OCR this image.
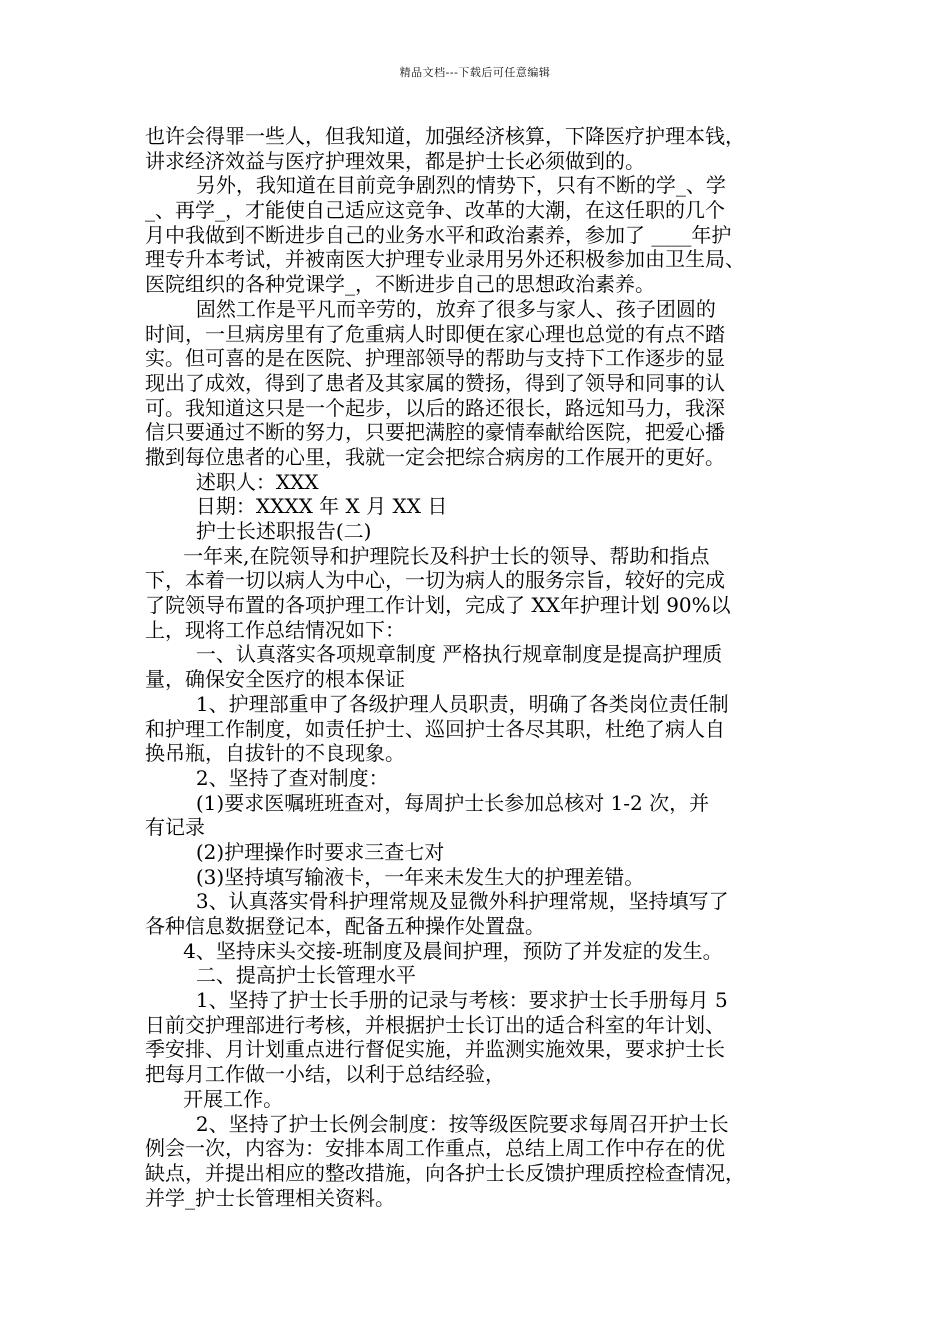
精品文档---下载后可任意编辑
也许会得罪一些人，但我知道，加强经济核算，下降医疗护理本钱，
讲求经济效益与医疗护理效果，都是护士长必须做到的。
另外，我知道在目前竞争剧烈的情势下，只有不断的学_、学
_、再学_，才能使自己适应这竞争、改革的大潮，在这任职的几个
月中我做到不断进步自己的业务水平和政治素养，参加了 ____年护
理专升本考试，并被南医大护理专业录用另外还积极参加由卫生局、
医院组织的各种党课学_，不断进步自己的思想政治素养。
固然工作是平凡而辛劳的，放弃了很多与家人、孩子团圆的
时间，一旦病房里有了危重病人时即便在家心理也总觉的有点不踏
实。但可喜的是在医院、护理部领导的帮助与支持下工作逐步的显
现出了成效，得到了患者及其家属的赞扬，得到了领导和同事的认
可。我知道这只是一个起步，以后的路还很长，路远知马力，我深
信只要通过不断的努力，只要把满腔的豪情奉献给医院，把爱心播
撒到每位患者的心里，我就一定会把综合病房的工作展开的更好。
述职人：XXX
日期：XXXX 年 X 月 XX 日
护士长述职报告(二)
一年来,在院领导和护理院长及科护士长的领导、帮助和指点
下，本着一切以病人为中心，一切为病人的服务宗旨，较好的完成
了院领导布置的各项护理工作计划，完成了 XX年护理计划 90%以
上，现将工作总结情况如下：
一、认真落实各项规章制度 严格执行规章制度是提高护理质
量，确保安全医疗的根本保证
1、护理部重申了各级护理人员职责，明确了各类岗位责任制
和护理工作制度，如责任护士、巡回护士各尽其职，杜绝了病人自
换吊瓶，自拔针的不良现象。
2、坚持了查对制度：
(1)要求医嘱班班查对，每周护士长参加总核对 1-2 次，并
有记录
(2)护理操作时要求三查七对
(3)坚持填写输液卡，一年来未发生大的护理差错。
3、认真落实骨科护理常规及显微外科护理常规，坚持填写了
各种信息数据登记本，配备五种操作处置盘。
4、坚持床头交接-班制度及晨间护理，预防了并发症的发生。
二、提高护士长管理水平
1、坚持了护士长手册的记录与考核：要求护士长手册每月 5
日前交护理部进行考核，并根据护士长订出的适合科室的年计划、
季安排、月计划重点进行督促实施，并监测实施效果，要求护士长
把每月工作做一小结，以利于总结经验，
开展工作。
2、坚持了护士长例会制度：按等级医院要求每周召开护士长
例会一次，内容为：安排本周工作重点，总结上周工作中存在的优
缺点，并提出相应的整改措施，向各护士长反馈护理质控检查情况，
并学_护士长管理相关资料。
